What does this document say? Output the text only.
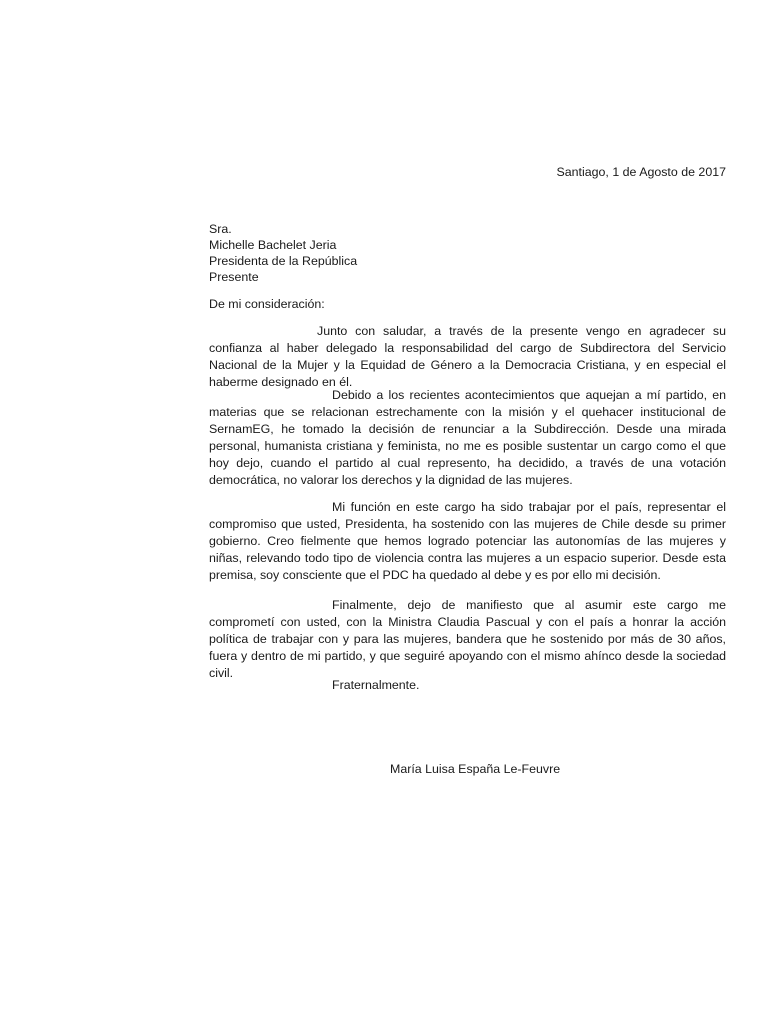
Santiago, 1 de Agosto de 2017
Sra.
Michelle Bachelet Jeria
Presidenta de la República
Presente
De mi consideración:

Junto con saludar, a través de la presente vengo en agradecer su confianza al haber delegado la responsabilidad del cargo de Subdirectora del Servicio Nacional de la Mujer y la Equidad de Género a la Democracia Cristiana, y en especial el haberme designado en él.

Debido a los recientes acontecimientos que aquejan a mí partido, en materias que se relacionan estrechamente con la misión y el quehacer institucional de SernamEG, he tomado la decisión de renunciar a la Subdirección. Desde una mirada personal, humanista cristiana y feminista, no me es posible sustentar un cargo como el que hoy dejo, cuando el partido al cual represento, ha decidido, a través de una votación democrática, no valorar los derechos y la dignidad de las mujeres.

Mi función en este cargo ha sido trabajar por el país, representar el compromiso que usted, Presidenta, ha sostenido con las mujeres de Chile desde su primer gobierno. Creo fielmente que hemos logrado potenciar las autonomías de las mujeres y niñas, relevando todo tipo de violencia contra las mujeres a un espacio superior. Desde esta premisa, soy consciente que el PDC ha quedado al debe y es por ello mi decisión.

Finalmente, dejo de manifiesto que al asumir este cargo me comprometí con usted, con la Ministra Claudia Pascual y con el país a honrar la acción política de trabajar con y para las mujeres, bandera que he sostenido por más de 30 años, fuera y dentro de mi partido, y que seguiré apoyando con el mismo ahínco desde la sociedad civil.

Fraternalmente.
María Luisa España Le-Feuvre
